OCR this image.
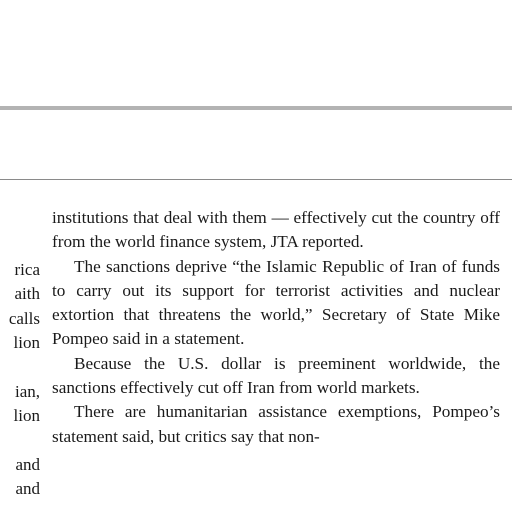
rica
aith
calls
lion
ian,
lion
and
and

institutions that deal with them — effectively cut the country off from the world finance system, JTA reported.

The sanctions deprive “the Islamic Republic of Iran of funds to carry out its support for terrorist activities and nuclear extortion that threatens the world,” Secretary of State Mike Pompeo said in a statement.

Because the U.S. dollar is preeminent worldwide, the sanctions effectively cut off Iran from world markets.

There are humanitarian assistance exemptions, Pompeo’s statement said, but critics say that non-
